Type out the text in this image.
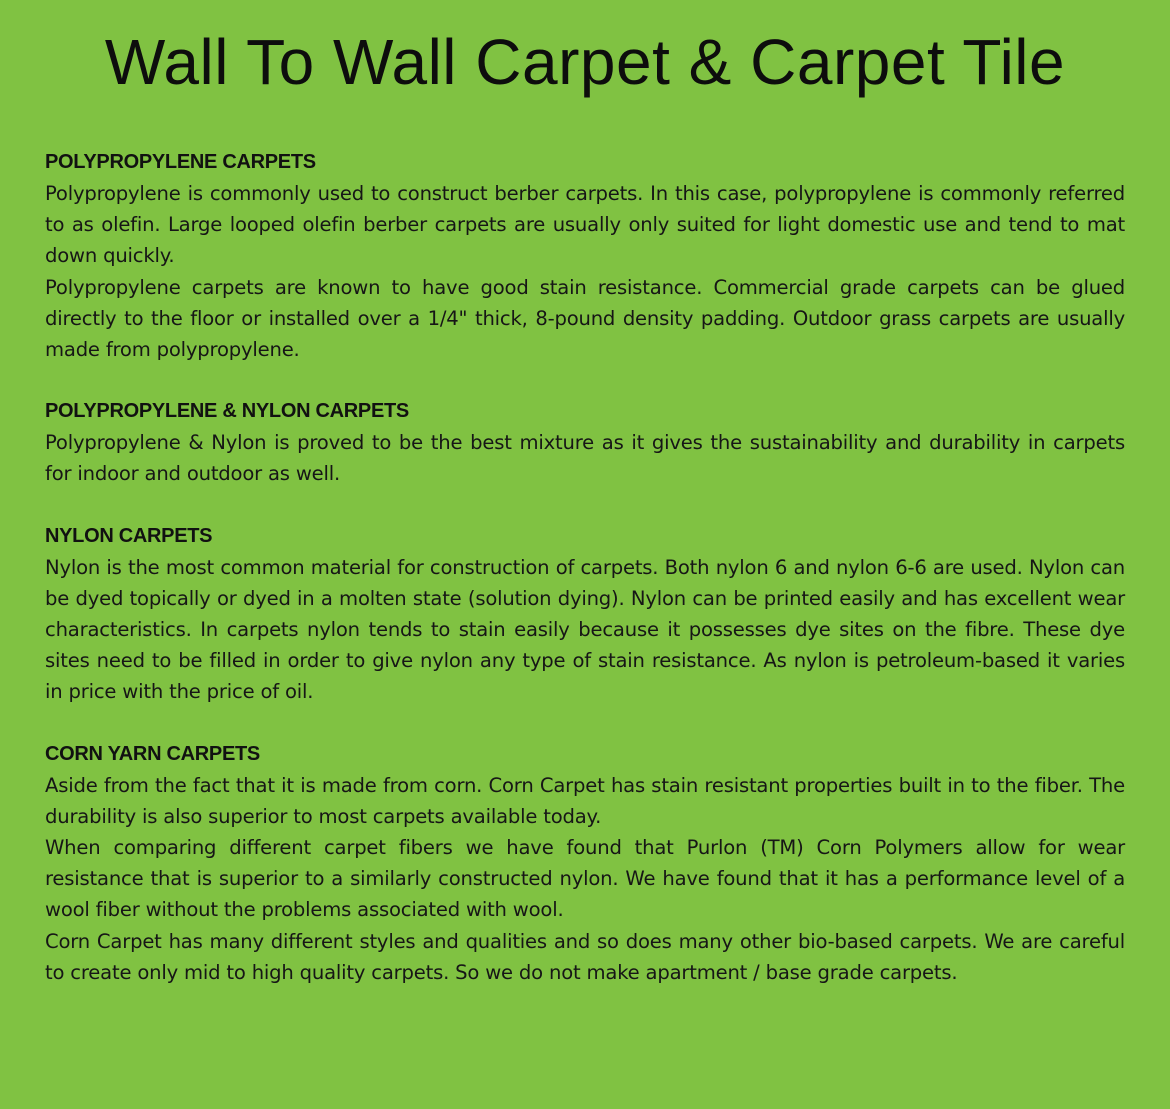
Wall To Wall Carpet & Carpet Tile

POLYPROPYLENE CARPETS

Polypropylene is commonly used to construct berber carpets. In this case, polypropylene is commonly referred to as olefin. Large looped olefin berber carpets are usually only suited for light domestic use and tend to mat down quickly.

Polypropylene carpets are known to have good stain resistance. Commercial grade carpets can be glued directly to the floor or installed over a 1/4" thick, 8-pound density padding. Outdoor grass carpets are usually made from polypropylene.

POLYPROPYLENE & NYLON CARPETS

Polypropylene & Nylon is proved to be the best mixture as it gives the sustainability and durability in carpets for indoor and outdoor as well.

NYLON CARPETS

Nylon is the most common material for construction of carpets. Both nylon 6 and nylon 6-6 are used. Nylon can be dyed topically or dyed in a molten state (solution dying). Nylon can be printed easily and has excellent wear characteristics. In carpets nylon tends to stain easily because it possesses dye sites on the fibre. These dye sites need to be filled in order to give nylon any type of stain resistance. As nylon is petroleum-based it varies in price with the price of oil.

CORN YARN CARPETS

Aside from the fact that it is made from corn. Corn Carpet has stain resistant properties built in to the fiber. The durability is also superior to most carpets available today.

When comparing different carpet fibers we have found that Purlon (TM) Corn Polymers allow for wear resistance that is superior to a similarly constructed nylon. We have found that it has a performance level of a wool fiber without the problems associated with wool.

Corn Carpet has many different styles and qualities and so does many other bio-based carpets. We are careful to create only mid to high quality carpets. So we do not make apartment / base grade carpets.
